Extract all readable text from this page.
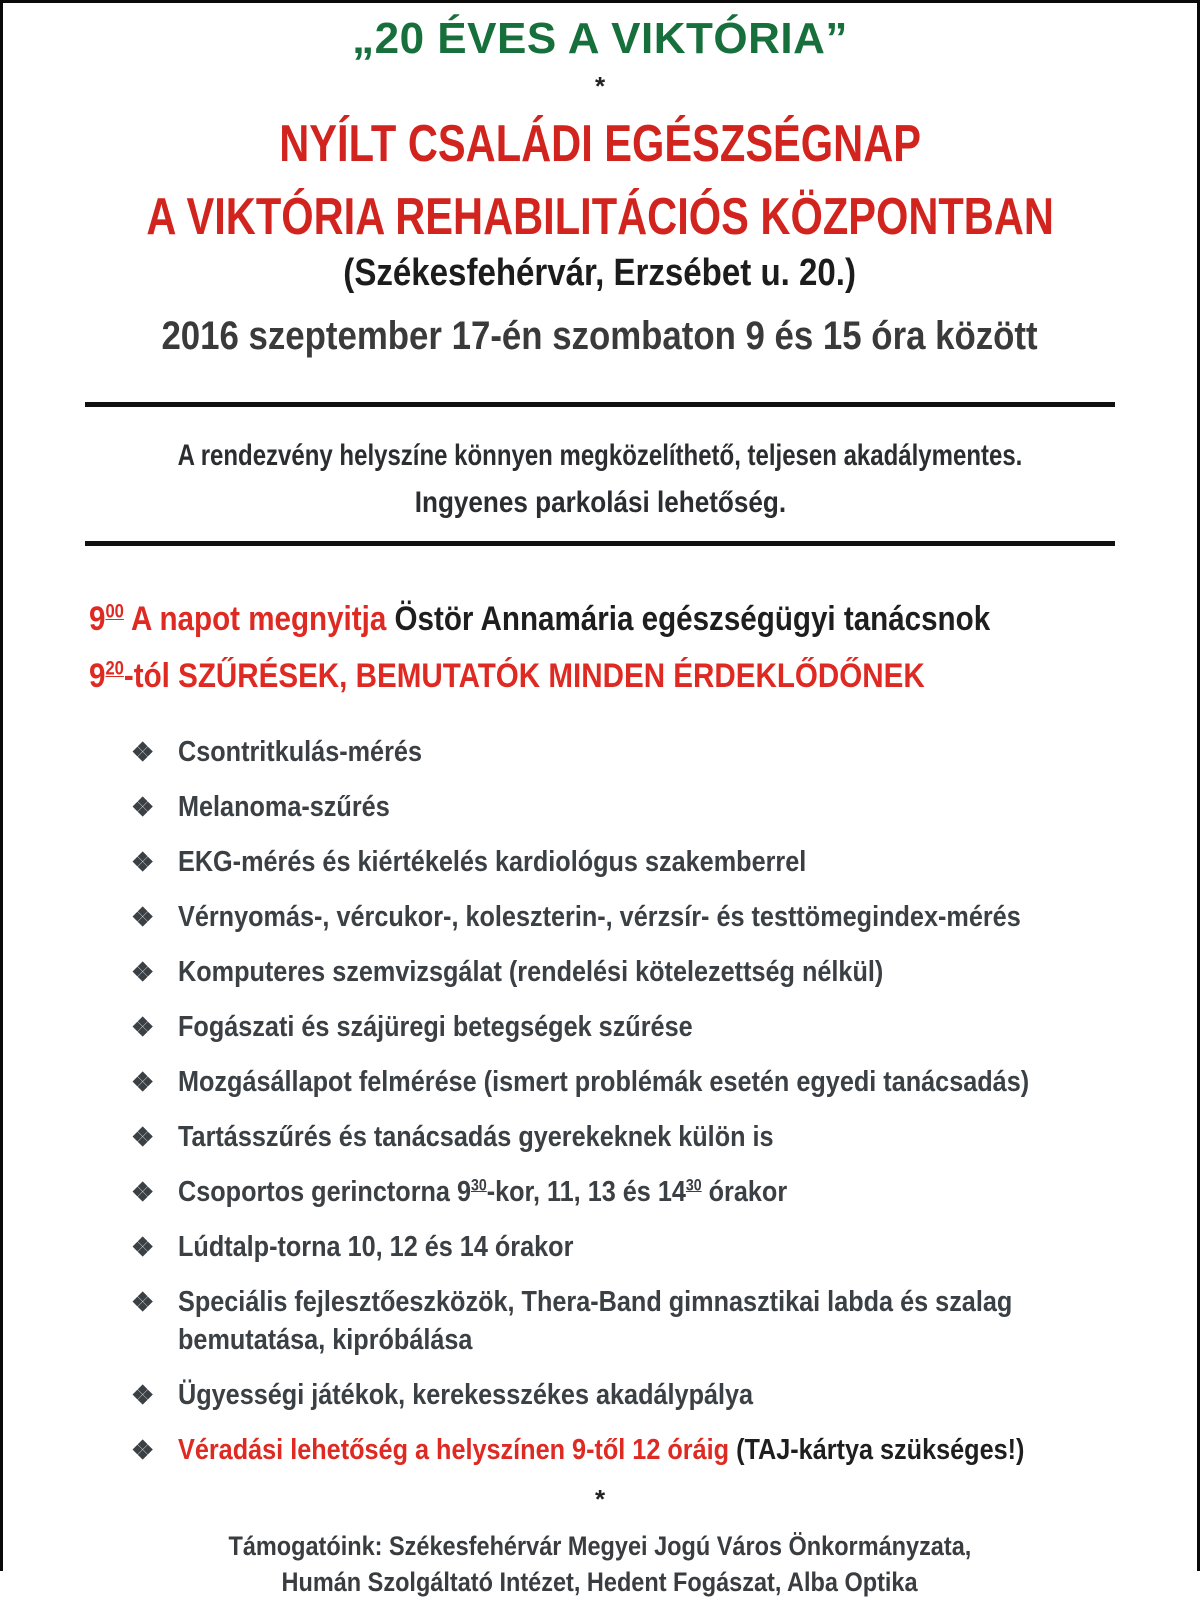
„20 ÉVES A VIKTÓRIA”
*
NYÍLT CSALÁDI EGÉSZSÉGNAP
A VIKTÓRIA REHABILITÁCIÓS KÖZPONTBAN
(Székesfehérvár, Erzsébet u. 20.)
2016 szeptember 17-én szombaton 9 és 15 óra között
A rendezvény helyszíne könnyen megközelíthető, teljesen akadálymentes.
Ingyenes parkolási lehetőség.
$9^{00}$ A napot megnyitja Östör Annamária egészségügyi tanácsnok
$9^{20}$-tól SZŰRÉSEK, BEMUTATÓK MINDEN ÉRDEKLŐDŐNEK
❖ Csontritkulás-mérés
❖ Melanoma-szűrés
❖ EKG-mérés és kiértékelés kardiológus szakemberrel
❖ Vérnyomás-, vércukor-, koleszterin-, vérzsír- és testtömegindex-mérés
❖ Komputeres szemvizsgálat (rendelési kötelezettség nélkül)
❖ Fogászati és szájüregi betegségek szűrése
❖ Mozgásállapot felmérése (ismert problémák esetén egyedi tanácsadás)
❖ Tartásszűrés és tanácsadás gyerekeknek külön is
❖ Csoportos gerinctorna $9^{30}$-kor, 11, 13 és $14^{30}$ órakor
❖ Lúdtalp-torna 10, 12 és 14 órakor
❖ Speciális fejlesztőeszközök, Thera-Band gimnasztikai labda és szalag
bemutatása, kipróbálása
❖ Ügyességi játékok, kerekesszékes akadálypálya
❖ Véradási lehetőség a helyszínen 9-től 12 óráig (TAJ-kártya szükséges!)
*
Támogatóink: Székesfehérvár Megyei Jogú Város Önkormányzata,
Humán Szolgáltató Intézet, Hedent Fogászat, Alba Optika
